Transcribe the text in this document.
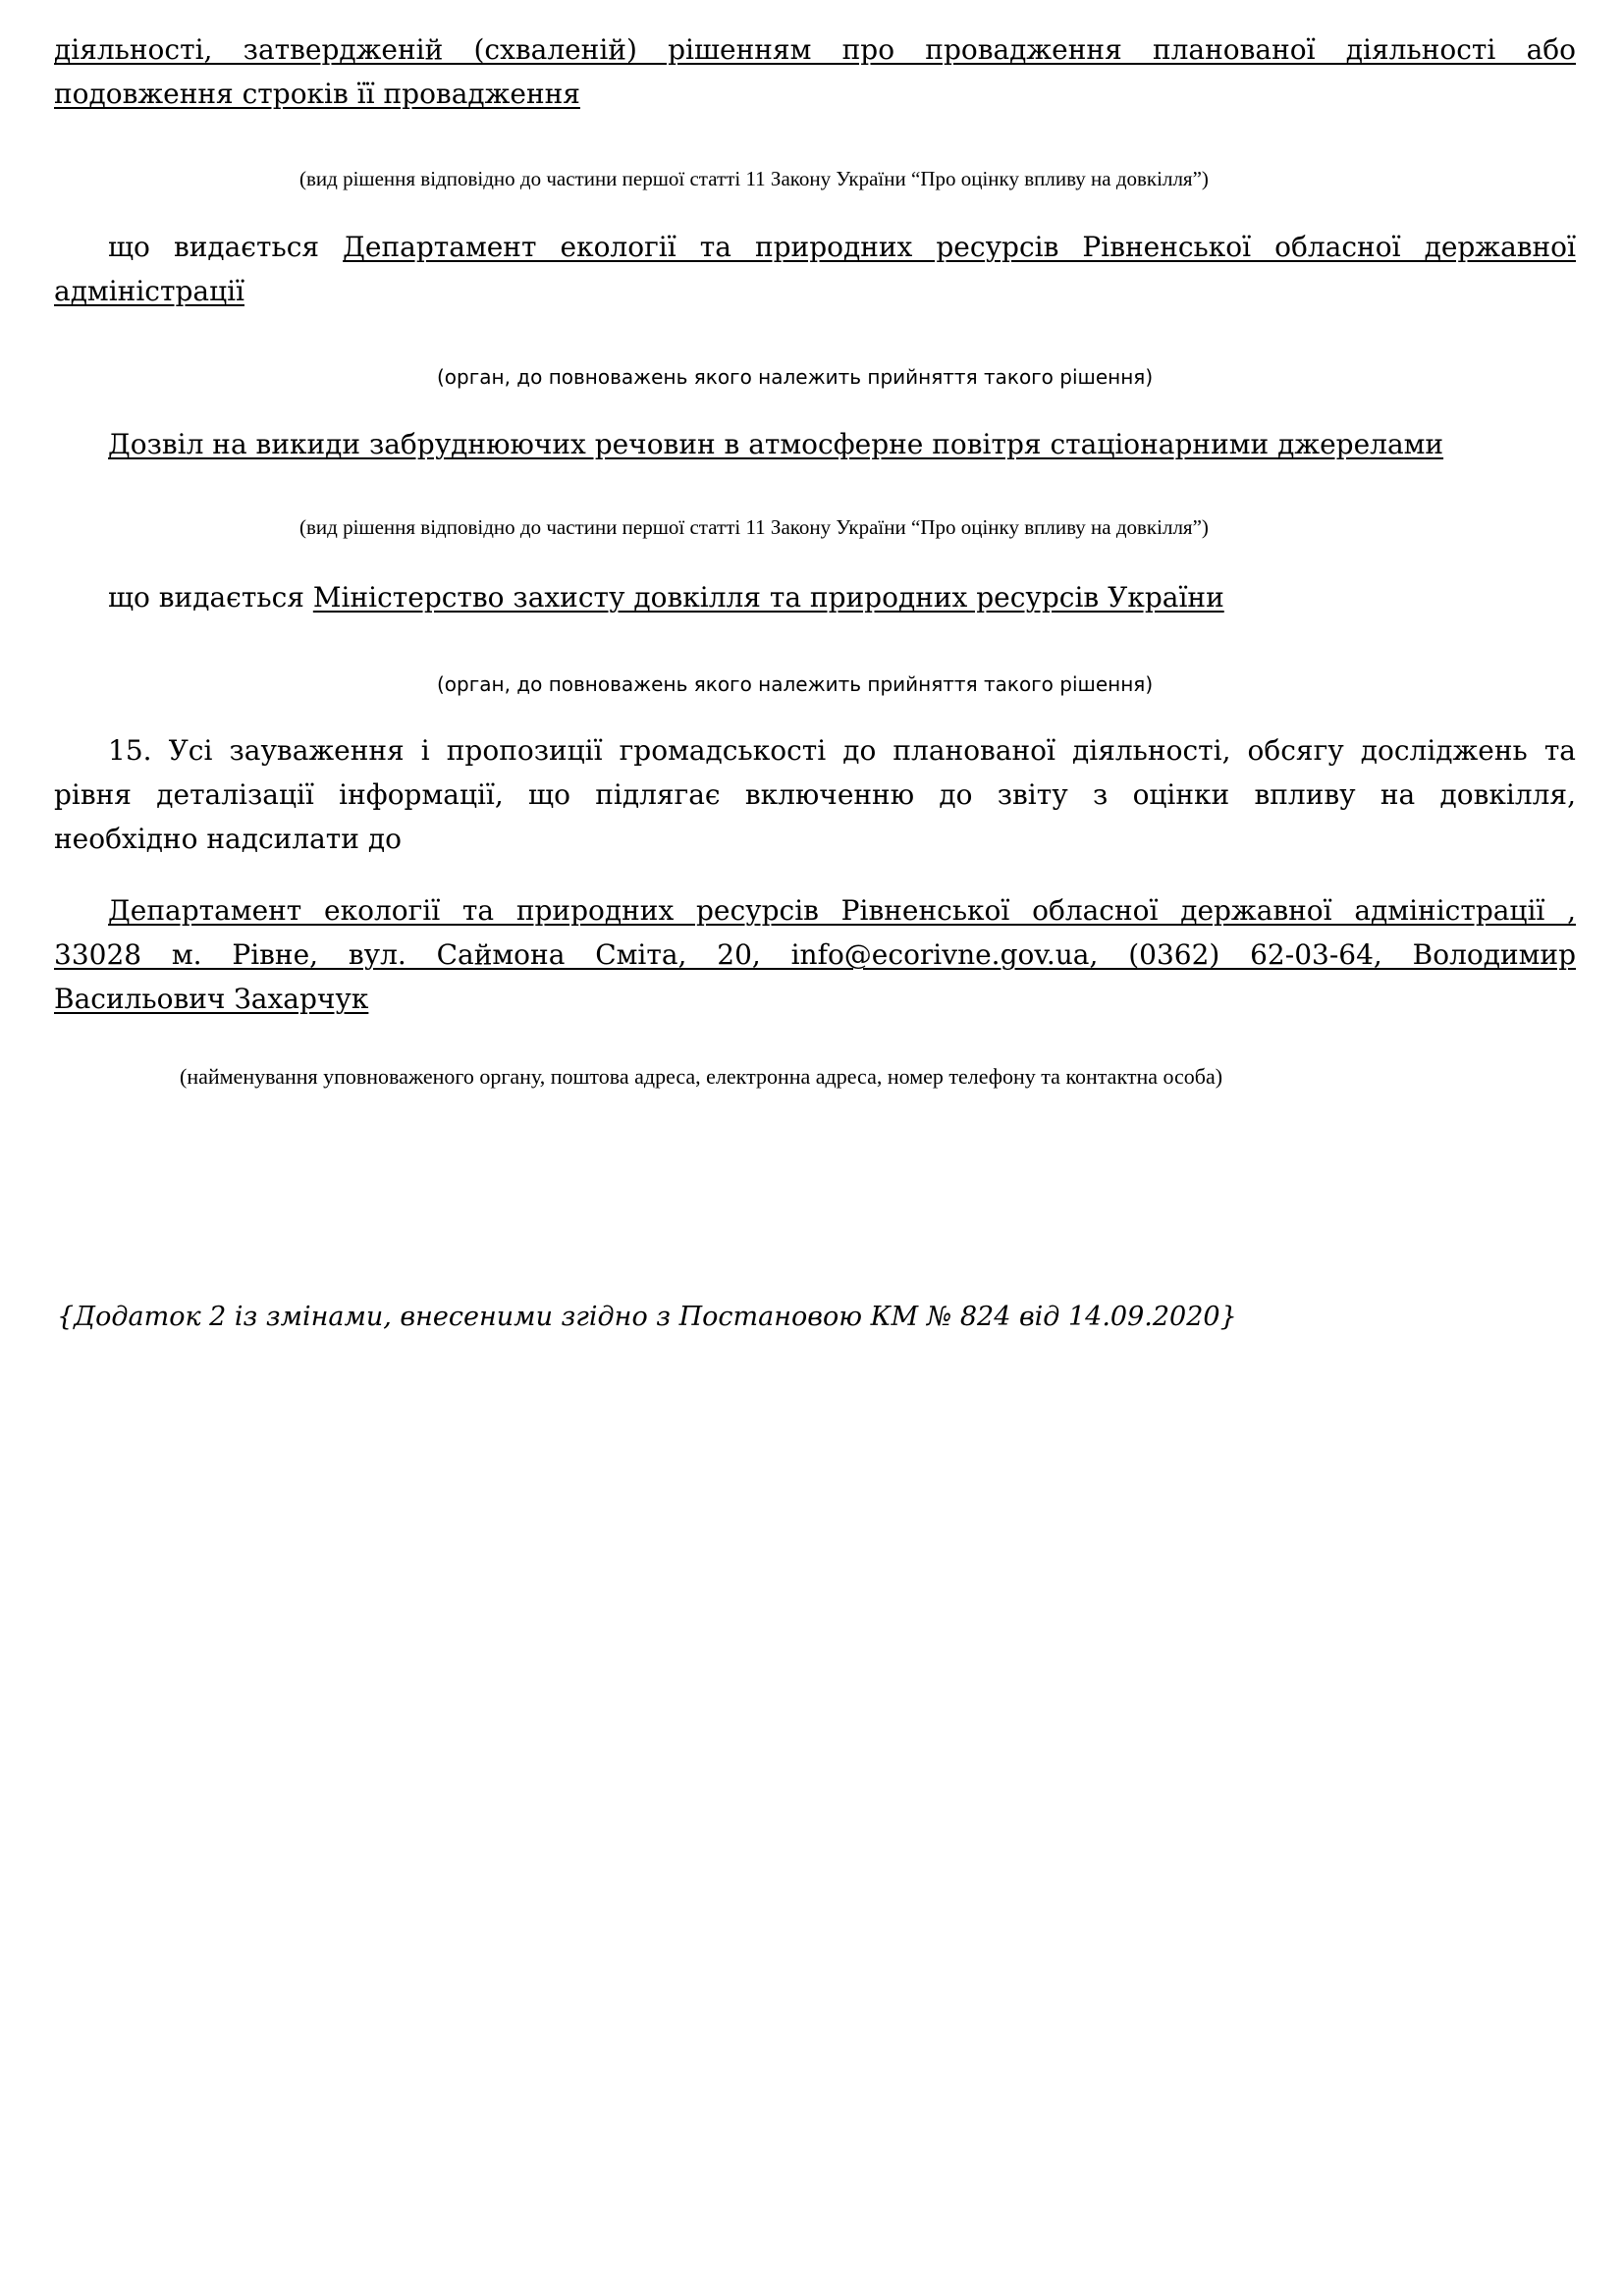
діяльності, затвердженій (схваленій) рішенням про провадження планованої діяльності або
подовження строків її провадження
(вид рішення відповідно до частини першої статті 11 Закону України “Про оцінку впливу на довкілля”)
що видається Департамент екології та природних ресурсів Рівненської обласної державної
адміністрації
(орган, до повноважень якого належить прийняття такого рішення)
Дозвіл на викиди забруднюючих речовин в атмосферне повітря стаціонарними джерелами
(вид рішення відповідно до частини першої статті 11 Закону України “Про оцінку впливу на довкілля”)
що видається Міністерство захисту довкілля та природних ресурсів України
(орган, до повноважень якого належить прийняття такого рішення)
15. Усі зауваження і пропозиції громадськості до планованої діяльності, обсягу досліджень та
рівня деталізації інформації, що підлягає включенню до звіту з оцінки впливу на довкілля,
необхідно надсилати до
Департамент екології та природних ресурсів Рівненської обласної державної адміністрації ,
33028 м. Рівне, вул. Саймона Сміта, 20, info@ecorivne.gov.ua, (0362) 62-03-64, Володимир
Васильович Захарчук
(найменування уповноваженого органу, поштова адреса, електронна адреса, номер телефону та контактна особа)
{Додаток 2 із змінами, внесеними згідно з Постановою КМ № 824 від 14.09.2020}
